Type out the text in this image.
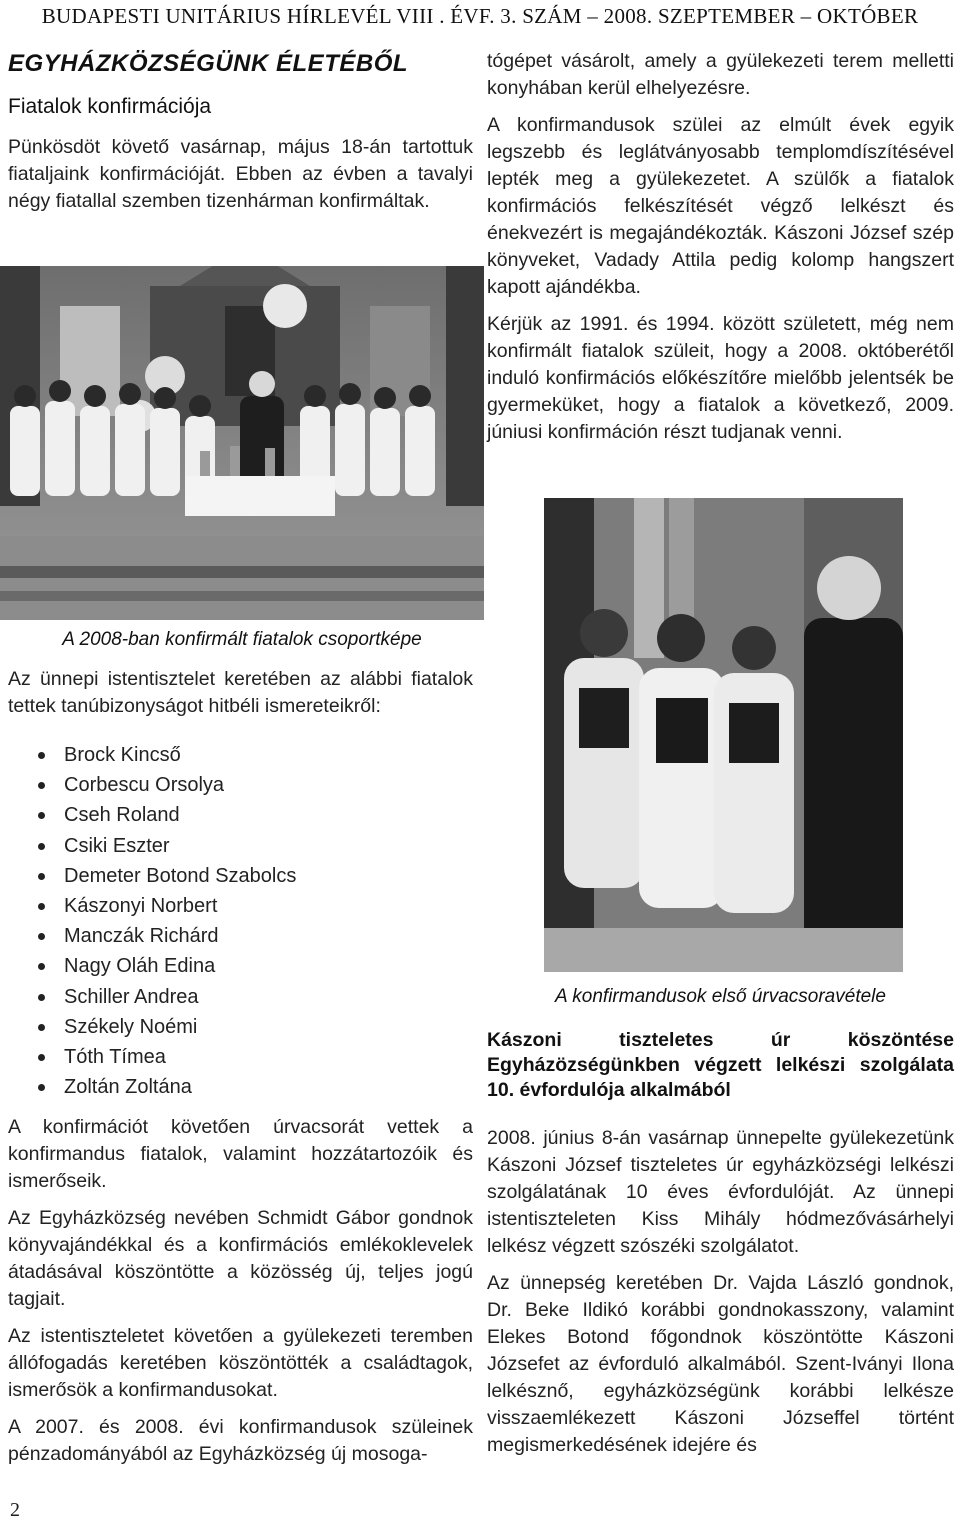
BUDAPESTI UNITÁRIUS HÍRLEVÉL VIII . ÉVF. 3. SZÁM – 2008. SZEPTEMBER – OKTÓBER
EGYHÁZKÖZSÉGÜNK ÉLETÉBŐL
Fiatalok konfirmációja

Pünkösdöt követő vasárnap, május 18-án tartottuk fiataljaink konfirmációját. Ebben az évben a tavalyi négy fiatallal szemben tizenhárman konfirmáltak.

A 2008-ban konfirmált fiatalok csoportképe

Az ünnepi istentisztelet keretében az alábbi fiatalok tettek tanúbizonyságot hitbéli ismereteikről:

Brock Kincső
Corbescu Orsolya
Cseh Roland
Csiki Eszter
Demeter Botond Szabolcs
Kászonyi Norbert
Manczák Richárd
Nagy Oláh Edina
Schiller Andrea
Székely Noémi
Tóth Tímea
Zoltán Zoltána

A konfirmációt követően úrvacsorát vettek a konfirmandus fiatalok, valamint hozzátartozóik és ismerőseik.

Az Egyházközség nevében Schmidt Gábor gondnok könyvajándékkal és a konfirmációs emlékoklevelek átadásával köszöntötte a közösség új, teljes jogú tagjait.

Az istentiszteletet követően a gyülekezeti teremben állófogadás keretében köszöntötték a családtagok, ismerősök a konfirmandusokat.

A 2007. és 2008. évi konfirmandusok szüleinek pénzadományából az Egyházközség új mosoga-

tógépet vásárolt, amely a gyülekezeti terem melletti konyhában kerül elhelyezésre.

A konfirmandusok szülei az elmúlt évek egyik legszebb és leglátványosabb templomdíszítésével lepték meg a gyülekezetet. A szülők a fiatalok konfirmációs felkészítését végző lelkészt és énekvezért is megajándékozták. Kászoni József szép könyveket, Vadady Attila pedig kolomp hangszert kapott ajándékba.

Kérjük az 1991. és 1994. között született, még nem konfirmált fiatalok szüleit, hogy a 2008. októberétől induló konfirmációs előkészítőre mielőbb jelentsék be gyermeküket, hogy a fiatalok a következő, 2009. júniusi konfirmáción részt tudjanak venni.

A konfirmandusok első úrvacsoravétele
Kászoni tiszteletes úr köszöntése Egyházözségünkben végzett lelkészi szolgálata 10. évfordulója alkalmából

2008. június 8-án vasárnap ünnepelte gyülekezetünk Kászoni József tiszteletes úr egyházközségi lelkészi szolgálatának 10 éves évfordulóját. Az ünnepi istentiszteleten Kiss Mihály hódmezővásárhelyi lelkész végzett szószéki szolgálatot.

Az ünnepség keretében Dr. Vajda László gondnok, Dr. Beke Ildikó korábbi gondnokasszony, valamint Elekes Botond főgondnok köszöntötte Kászoni Józsefet az évforduló alkalmából. Szent-Iványi Ilona lelkésznő, egyházközségünk korábbi lelkésze visszaemlékezett Kászoni Józseffel történt megismerkedésének idejére és

2
